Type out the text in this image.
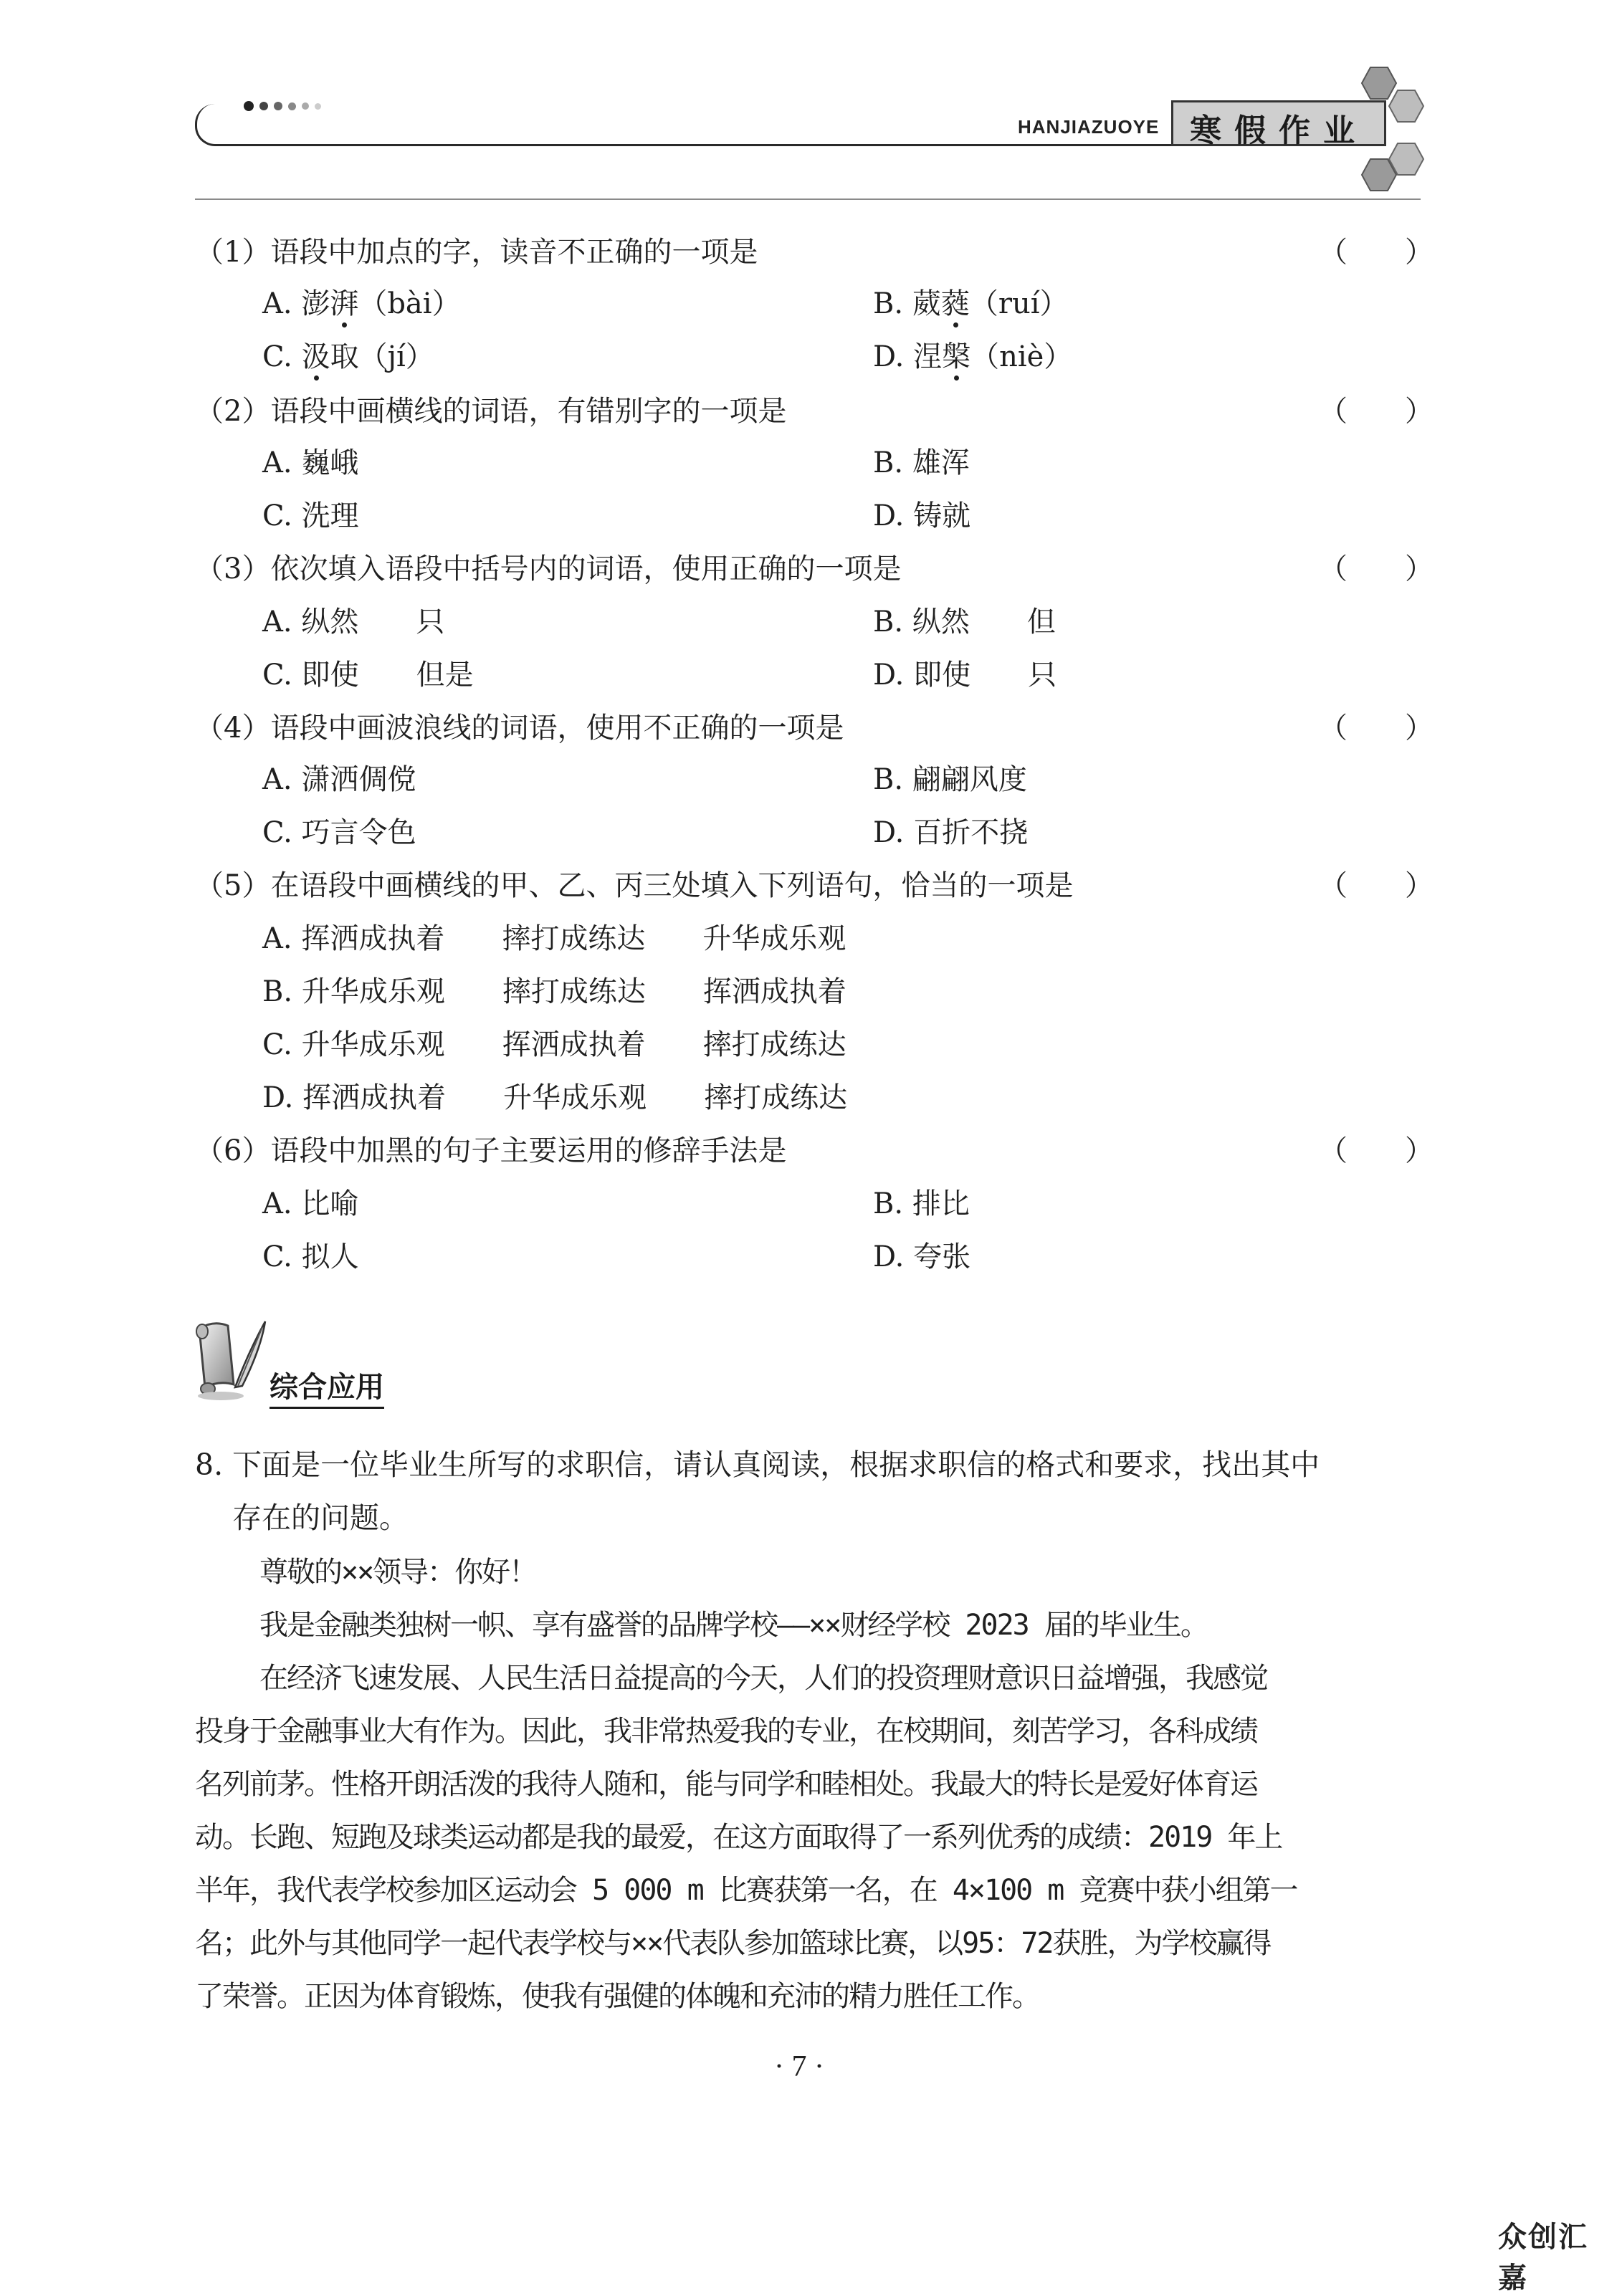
HANJIAZUOYE 寒假作业
（1）语段中加点的字，读音不正确的一项是	（　　）
A. 澎湃（bài）	B. 葳蕤（ruí）
C. 汲取（jí）	D. 涅槃（niè）
（2）语段中画横线的词语，有错别字的一项是	（　　）
A. 巍峨	B. 雄浑
C. 洗理	D. 铸就
（3）依次填入语段中括号内的词语，使用正确的一项是	（　　）
A. 纵然　　只	B. 纵然　　但
C. 即使　　但是	D. 即使　　只
（4）语段中画波浪线的词语，使用不正确的一项是	（　　）
A. 潇洒倜傥	B. 翩翩风度
C. 巧言令色	D. 百折不挠
（5）在语段中画横线的甲、乙、丙三处填入下列语句，恰当的一项是	（　　）
A. 挥洒成执着　　摔打成练达　　升华成乐观
B. 升华成乐观　　摔打成练达　　挥洒成执着
C. 升华成乐观　　挥洒成执着　　摔打成练达
D. 挥洒成执着　　升华成乐观　　摔打成练达
（6）语段中加黑的句子主要运用的修辞手法是	（　　）
A. 比喻	B. 排比
C. 拟人	D. 夸张
综合应用
8. 下面是一位毕业生所写的求职信，请认真阅读，根据求职信的格式和要求，找出其中
存在的问题。
尊敬的××领导：你好！
我是金融类独树一帜、享有盛誉的品牌学校——××财经学校 2023 届的毕业生。
在经济飞速发展、人民生活日益提高的今天，人们的投资理财意识日益增强，我感觉
投身于金融事业大有作为。因此，我非常热爱我的专业，在校期间，刻苦学习，各科成绩
名列前茅。性格开朗活泼的我待人随和，能与同学和睦相处。我最大的特长是爱好体育运
动。长跑、短跑及球类运动都是我的最爱，在这方面取得了一系列优秀的成绩：2019 年上
半年，我代表学校参加区运动会 5 000 m 比赛获第一名，在 4×100 m 竞赛中获小组第一
名；此外与其他同学一起代表学校与××代表队参加篮球比赛，以95：72获胜，为学校赢得
了荣誉。正因为体育锻炼，使我有强健的体魄和充沛的精力胜任工作。
· 7 ·
众创汇嘉
